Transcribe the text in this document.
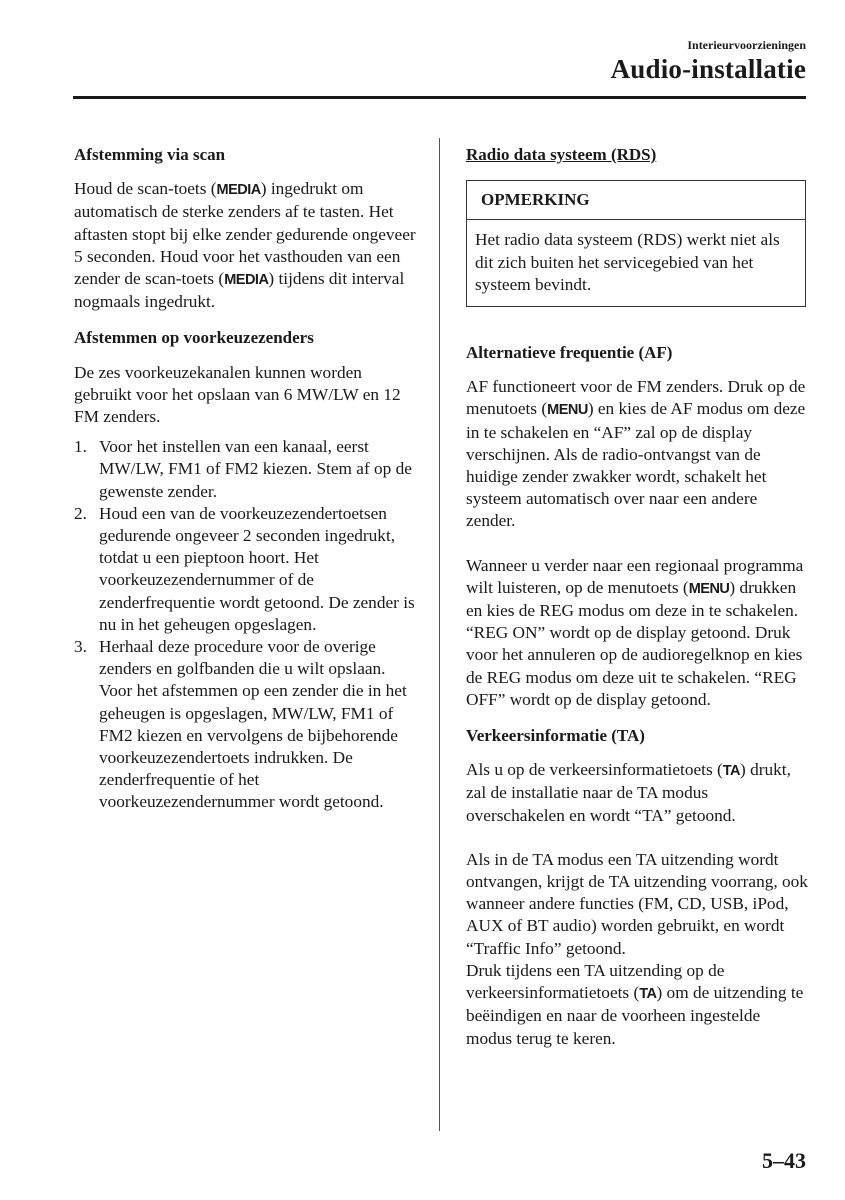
Interieurvoorzieningen
Audio-installatie
Afstemming via scan

Houd de scan-toets (MEDIA) ingedrukt om automatisch de sterke zenders af te tasten. Het aftasten stopt bij elke zender gedurende ongeveer 5 seconden. Houd voor het vasthouden van een zender de scan-toets (MEDIA) tijdens dit interval nogmaals ingedrukt.

Afstemmen op voorkeuzezenders

De zes voorkeuzekanalen kunnen worden gebruikt voor het opslaan van 6 MW/LW en 12 FM zenders.

1. Voor het instellen van een kanaal, eerst MW/LW, FM1 of FM2 kiezen. Stem af op de gewenste zender.
2. Houd een van de voorkeuzezendertoetsen gedurende ongeveer 2 seconden ingedrukt, totdat u een pieptoon hoort. Het voorkeuzezendernummer of de zenderfrequentie wordt getoond. De zender is nu in het geheugen opgeslagen.
3. Herhaal deze procedure voor de overige zenders en golfbanden die u wilt opslaan. Voor het afstemmen op een zender die in het geheugen is opgeslagen, MW/LW, FM1 of FM2 kiezen en vervolgens de bijbehorende voorkeuzezendertoets indrukken. De zenderfrequentie of het voorkeuzezendernummer wordt getoond.
Radio data systeem (RDS)
OPMERKING
Het radio data systeem (RDS) werkt niet als dit zich buiten het servicegebied van het systeem bevindt.
Alternatieve frequentie (AF)

AF functioneert voor de FM zenders. Druk op de menutoets (MENU) en kies de AF modus om deze in te schakelen en “AF” zal op de display verschijnen. Als de radio-ontvangst van de huidige zender zwakker wordt, schakelt het systeem automatisch over naar een andere zender.

Wanneer u verder naar een regionaal programma wilt luisteren, op de menutoets (MENU) drukken en kies de REG modus om deze in te schakelen. “REG ON” wordt op de display getoond. Druk voor het annuleren op de audioregelknop en kies de REG modus om deze uit te schakelen. “REG OFF” wordt op de display getoond.

Verkeersinformatie (TA)

Als u op de verkeersinformatietoets (TA) drukt, zal de installatie naar de TA modus overschakelen en wordt “TA” getoond.

Als in de TA modus een TA uitzending wordt ontvangen, krijgt de TA uitzending voorrang, ook wanneer andere functies (FM, CD, USB, iPod, AUX of BT audio) worden gebruikt, en wordt “Traffic Info” getoond.

Druk tijdens een TA uitzending op de verkeersinformatietoets (TA) om de uitzending te beëindigen en naar de voorheen ingestelde modus terug te keren.

5–43
